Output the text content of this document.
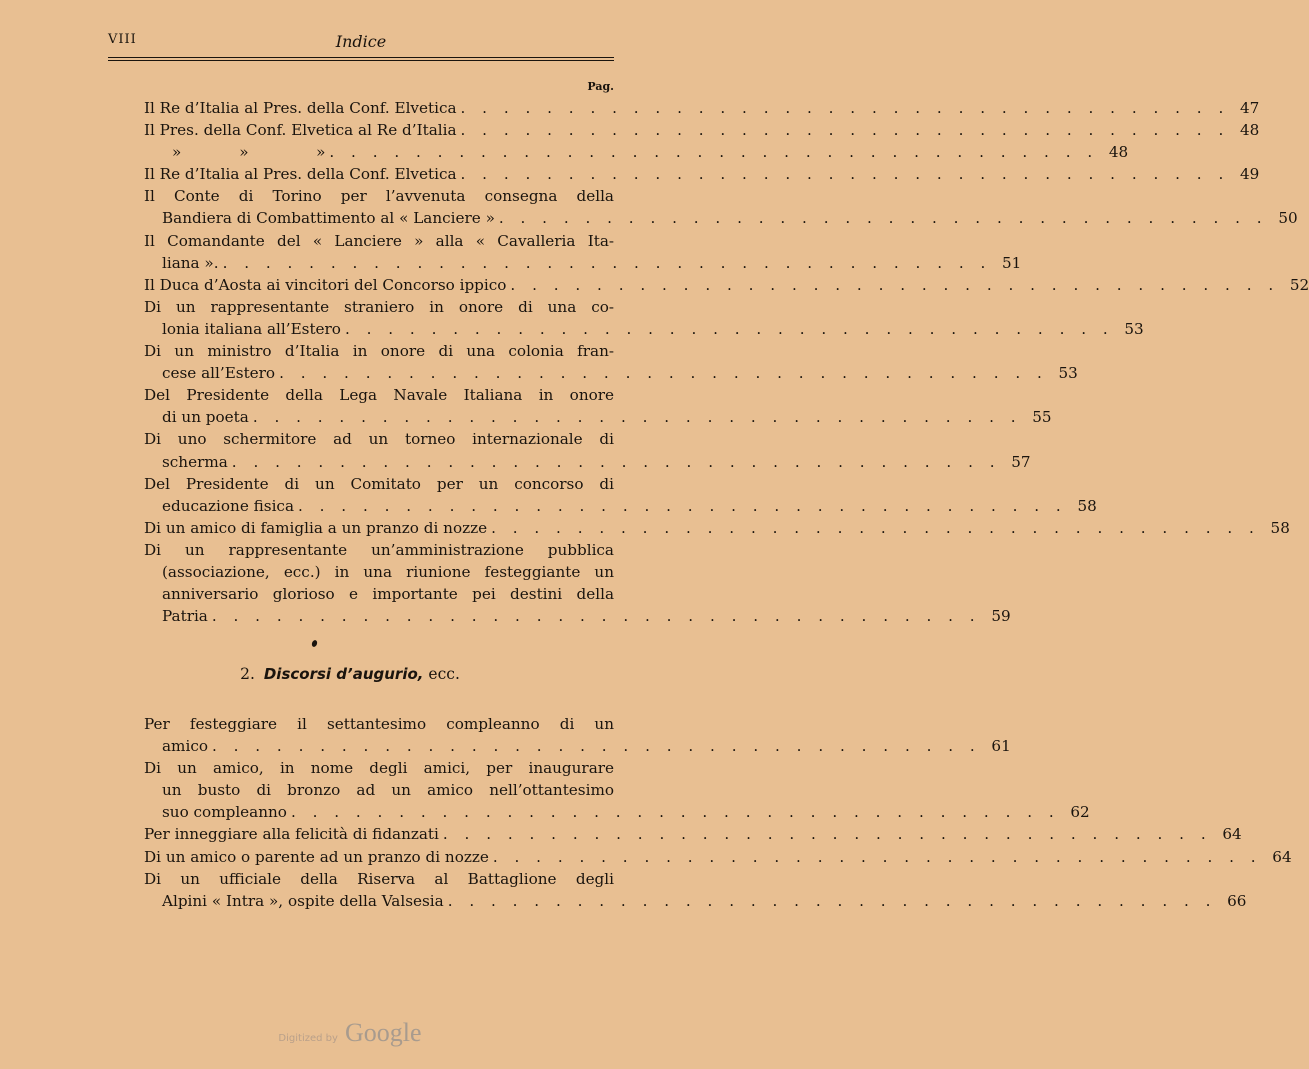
VIII	Indice
Pag.
Il Re d’Italia al Pres. della Conf. Elvetica . . . . . . . . . . . . . . . . . . . . . . . . . . . . . . . . . . . . 47
Il Pres. della Conf. Elvetica al Re d’Italia . . . . . . . . . . . . . . . . . . . . . . . . . . . . . . . . . . . . 48
»            »              » . . . . . . . . . . . . . . . . . . . . . . . . . . . . . . . . . . . . 48
Il Re d’Italia al Pres. della Conf. Elvetica . . . . . . . . . . . . . . . . . . . . . . . . . . . . . . . . . . . . 49
Il Conte di Torino per l’avvenuta consegna della
Bandiera di Combattimento al « Lanciere » . . . . . . . . . . . . . . . . . . . . . . . . . . . . . . . . . . . . 50
Il Comandante del « Lanciere » alla « Cavalleria Ita-
liana ». . . . . . . . . . . . . . . . . . . . . . . . . . . . . . . . . . . . . 51
Il Duca d’Aosta ai vincitori del Concorso ippico . . . . . . . . . . . . . . . . . . . . . . . . . . . . . . . . . . . . 52
Di un rappresentante straniero in onore di una co-
lonia italiana all’Estero . . . . . . . . . . . . . . . . . . . . . . . . . . . . . . . . . . . . 53
Di un ministro d’Italia in onore di una colonia fran-
cese all’Estero . . . . . . . . . . . . . . . . . . . . . . . . . . . . . . . . . . . . 53
Del Presidente della Lega Navale Italiana in onore
di un poeta . . . . . . . . . . . . . . . . . . . . . . . . . . . . . . . . . . . . 55
Di uno schermitore ad un torneo internazionale di
scherma . . . . . . . . . . . . . . . . . . . . . . . . . . . . . . . . . . . . 57
Del Presidente di un Comitato per un concorso di
educazione fisica . . . . . . . . . . . . . . . . . . . . . . . . . . . . . . . . . . . . 58
Di un amico di famiglia a un pranzo di nozze . . . . . . . . . . . . . . . . . . . . . . . . . . . . . . . . . . . . 58
Di un rappresentante un’amministrazione pubblica
(associazione, ecc.) in una riunione festeggiante un
anniversario glorioso e importante pei destini della
Patria . . . . . . . . . . . . . . . . . . . . . . . . . . . . . . . . . . . . 59
2. Discorsi d’augurio, ecc.
Per festeggiare il settantesimo compleanno di un
amico . . . . . . . . . . . . . . . . . . . . . . . . . . . . . . . . . . . . 61
Di un amico, in nome degli amici, per inaugurare
un busto di bronzo ad un amico nell’ottantesimo
suo compleanno . . . . . . . . . . . . . . . . . . . . . . . . . . . . . . . . . . . . 62
Per inneggiare alla felicità di fidanzati . . . . . . . . . . . . . . . . . . . . . . . . . . . . . . . . . . . . 64
Di un amico o parente ad un pranzo di nozze . . . . . . . . . . . . . . . . . . . . . . . . . . . . . . . . . . . . 64
Di un ufficiale della Riserva al Battaglione degli
Alpini « Intra », ospite della Valsesia . . . . . . . . . . . . . . . . . . . . . . . . . . . . . . . . . . . . 66
Digitized by Google
